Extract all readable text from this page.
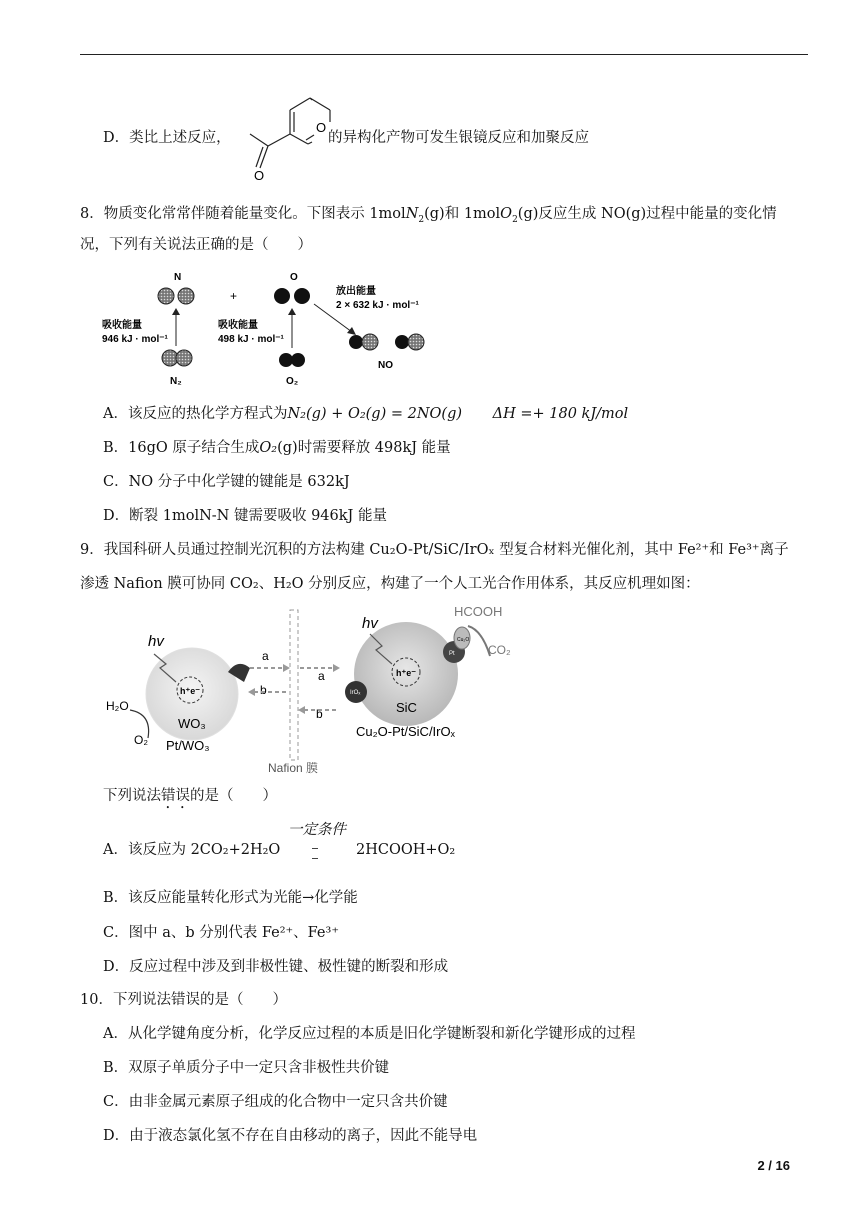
D．类比上述反应，
O
O
的异构化产物可发生银镜反应和加聚反应
8．物质变化常常伴随着能量变化。下图表示 1molN$_2$(g)和 1molO$_2$(g)反应生成 NO(g)过程中能量的变化情
况，下列有关说法正确的是（　　）
N
+
O
N₂
吸收能量
946 kJ · mol⁻¹
O₂
吸收能量
498 kJ · mol⁻¹
放出能量
2 × 632 kJ · mol⁻¹
NO
A．该反应的热化学方程式为N₂(g) + O₂(g) = 2NO(g) ΔH =+ 180 kJ/mol
B．16gO 原子结合生成O₂(g)时需要释放 498kJ 能量
C．NO 分子中化学键的键能是 632kJ
D．断裂 1molN-N 键需要吸收 946kJ 能量
9．我国科研人员通过控制光沉积的方法构建 Cu₂O-Pt/SiC/IrOₓ 型复合材料光催化剂，其中 Fe²⁺和 Fe³⁺离子
渗透 Nafion 膜可协同 CO₂、H₂O 分别反应，构建了一个人工光合作用体系，其反应机理如图：
hv
h⁺e⁻
WO₃
Pt/WO₃
H₂O
O₂
a
b
Nafion 膜
a
b
hv
h⁺e⁻
SiC
Cu₂O-Pt/SiC/IrOₓ
IrOₓ
Pt
Cu₂O
HCOOH
CO₂
下列说法错误的是（　　）
一定条件
A．该反应为 2CO₂+2H₂O	2HCOOH+O₂
B．该反应能量转化形式为光能→化学能
C．图中 a、b 分别代表 Fe²⁺、Fe³⁺
D．反应过程中涉及到非极性键、极性键的断裂和形成
10．下列说法错误的是（　　）
A．从化学键角度分析，化学反应过程的本质是旧化学键断裂和新化学键形成的过程
B．双原子单质分子中一定只含非极性共价键
C．由非金属元素原子组成的化合物中一定只含共价键
D．由于液态氯化氢不存在自由移动的离子，因此不能导电
2 / 16
